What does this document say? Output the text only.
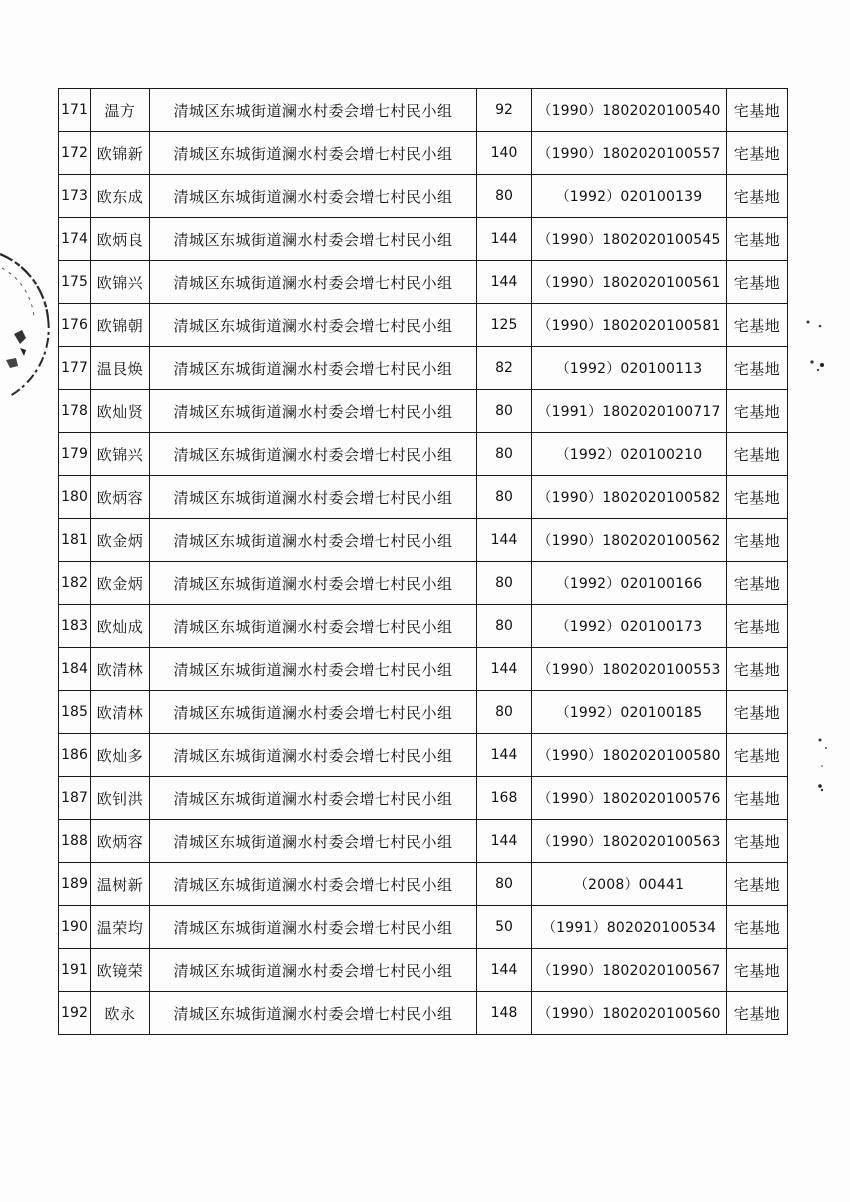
171	温方	清城区东城街道澜水村委会增七村民小组	92	（1990）1802020100540	宅基地
172	欧锦新	清城区东城街道澜水村委会增七村民小组	140	（1990）1802020100557	宅基地
173	欧东成	清城区东城街道澜水村委会增七村民小组	80	（1992）020100139	宅基地
174	欧炳良	清城区东城街道澜水村委会增七村民小组	144	（1990）1802020100545	宅基地
175	欧锦兴	清城区东城街道澜水村委会增七村民小组	144	（1990）1802020100561	宅基地
176	欧锦朝	清城区东城街道澜水村委会增七村民小组	125	（1990）1802020100581	宅基地
177	温艮焕	清城区东城街道澜水村委会增七村民小组	82	（1992）020100113	宅基地
178	欧灿贤	清城区东城街道澜水村委会增七村民小组	80	（1991）1802020100717	宅基地
179	欧锦兴	清城区东城街道澜水村委会增七村民小组	80	（1992）020100210	宅基地
180	欧炳容	清城区东城街道澜水村委会增七村民小组	80	（1990）1802020100582	宅基地
181	欧金炳	清城区东城街道澜水村委会增七村民小组	144	（1990）1802020100562	宅基地
182	欧金炳	清城区东城街道澜水村委会增七村民小组	80	（1992）020100166	宅基地
183	欧灿成	清城区东城街道澜水村委会增七村民小组	80	（1992）020100173	宅基地
184	欧清林	清城区东城街道澜水村委会增七村民小组	144	（1990）1802020100553	宅基地
185	欧清林	清城区东城街道澜水村委会增七村民小组	80	（1992）020100185	宅基地
186	欧灿多	清城区东城街道澜水村委会增七村民小组	144	（1990）1802020100580	宅基地
187	欧钊洪	清城区东城街道澜水村委会增七村民小组	168	（1990）1802020100576	宅基地
188	欧炳容	清城区东城街道澜水村委会增七村民小组	144	（1990）1802020100563	宅基地
189	温树新	清城区东城街道澜水村委会增七村民小组	80	（2008）00441	宅基地
190	温荣均	清城区东城街道澜水村委会增七村民小组	50	（1991）802020100534	宅基地
191	欧镜荣	清城区东城街道澜水村委会增七村民小组	144	（1990）1802020100567	宅基地
192	欧永	清城区东城街道澜水村委会增七村民小组	148	（1990）1802020100560	宅基地
